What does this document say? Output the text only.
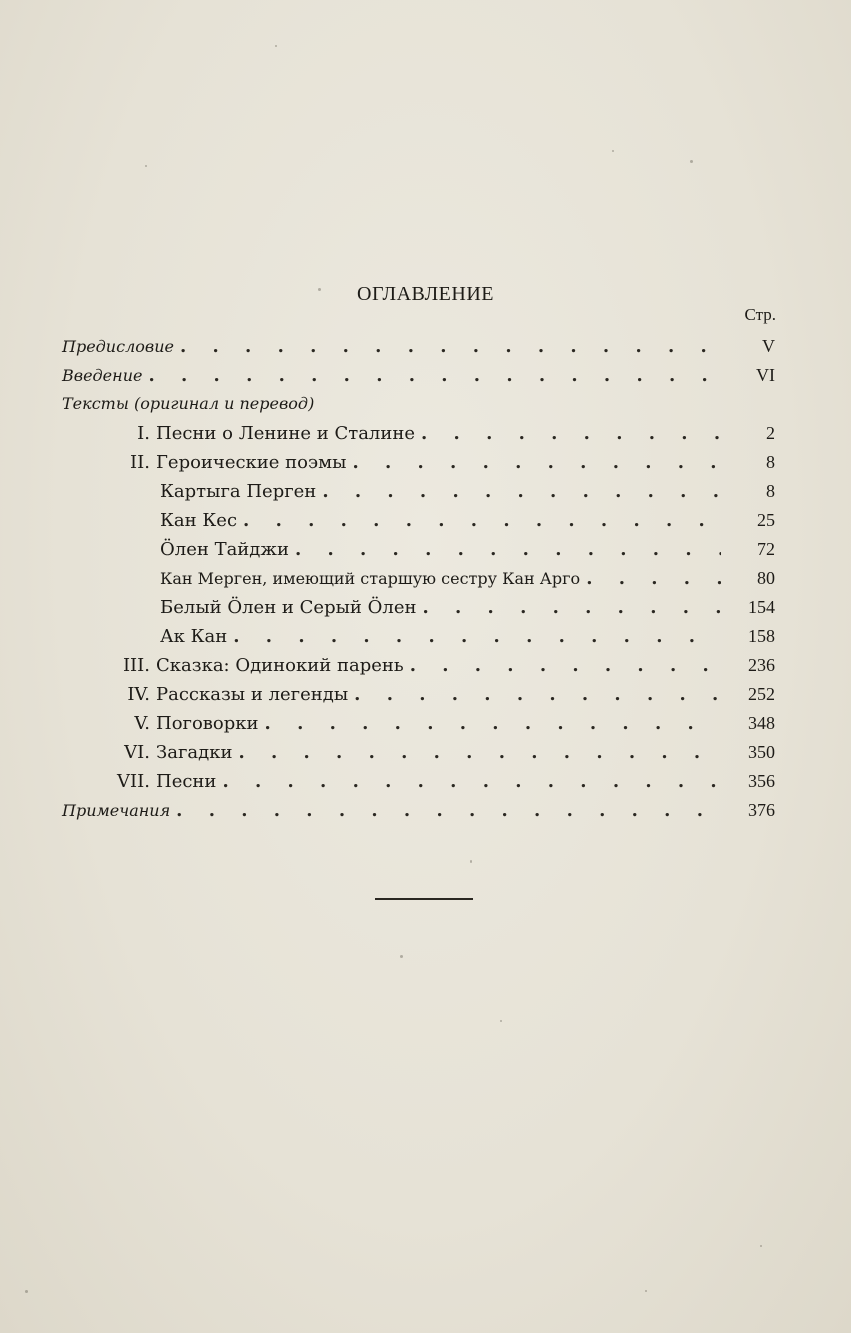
ОГЛАВЛЕНИЕ
Стр.
Предисловие . . .	V
Введение . . .	VI
Тексты (оригинал и перевод)
I. Песни о Ленине и Сталине . . .	2
II. Героические поэмы . . .	8
Картыга Перген . . .	8
Кан Кес . . .	25
Ӧлен Тайджи . . .	72
Кан Мерген, имеющий старшую сестру Кан Арго . . .	80
Белый Ӧлен и Серый Ӧлен . . .	154
Ак Кан . . .	158
III. Сказка: Одинокий парень . . .	236
IV. Рассказы и легенды . . .	252
V. Поговорки . . .	348
VI. Загадки . . .	350
VII. Песни . . .	356
Примечания . . .	376
